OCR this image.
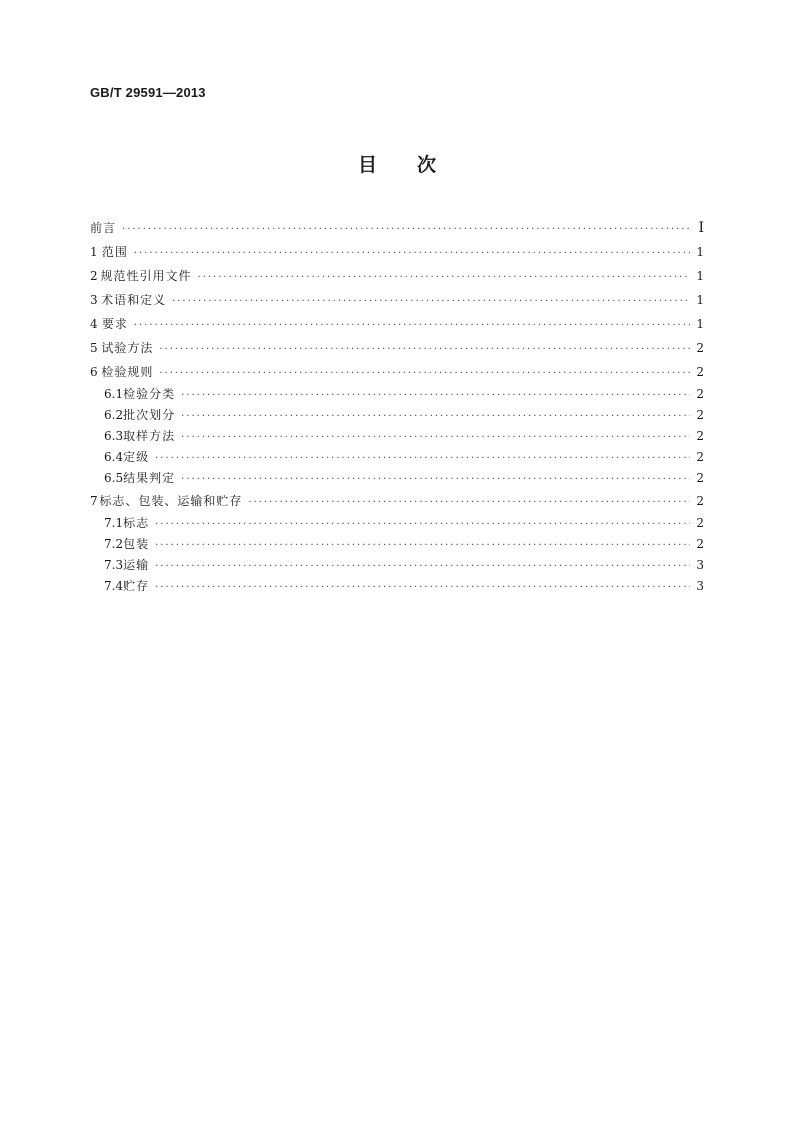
GB/T 29591—2013
目 次
前言 ·····	I
1 范围 ·····	1
2 规范性引用文件 ·····	1
3 术语和定义 ·····	1
4 要求 ·····	1
5 试验方法 ·····	2
6 检验规则 ·····	2
6.1 检验分类 ·····	2
6.2 批次划分 ·····	2
6.3 取样方法 ·····	2
6.4 定级 ·····	2
6.5 结果判定 ·····	2
7 标志、包装、运输和贮存 ·····	2
7.1 标志 ·····	2
7.2 包装 ·····	2
7.3 运输 ·····	3
7.4 贮存 ·····	3
